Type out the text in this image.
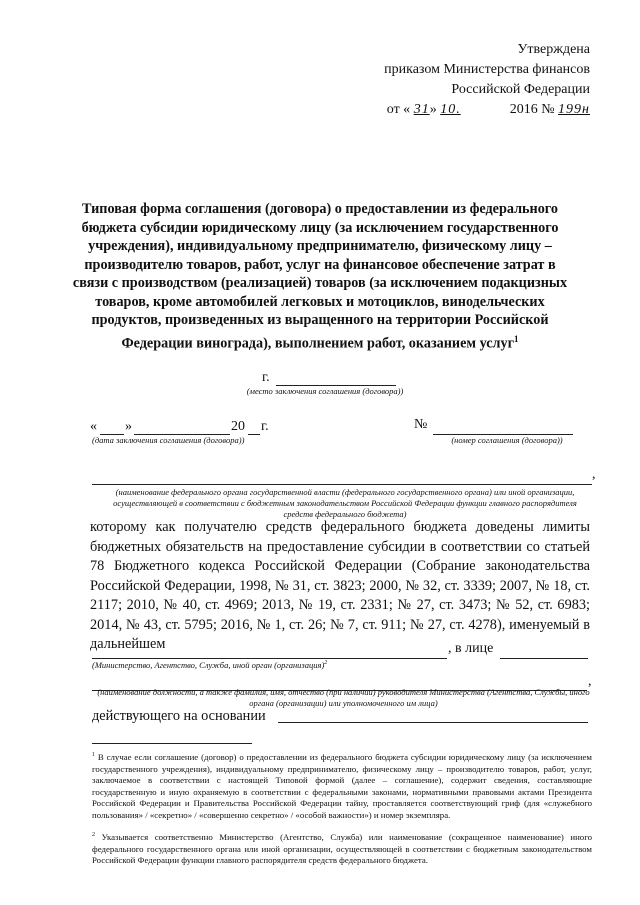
Утверждена
приказом Министерства финансов
Российской Федерации
от « 31» 10.	2016 № 199н
Типовая форма соглашения (договора) о предоставлении из федерального бюджета субсидии юридическому лицу (за исключением государственного учреждения), индивидуальному предпринимателю, физическому лицу – производителю товаров, работ, услуг на финансовое обеспечение затрат в связи с производством (реализацией) товаров (за исключением подакцизных товаров, кроме автомобилей легковых и мотоциклов, винодельческих продуктов, произведенных из выращенного на территории Российской Федерации винограда), выполнением работ, оказанием услуг$^1$
г.
(место заключения соглашения (договора))
« »	20 г.
(дата заключения соглашения (договора))
№
(номер соглашения (договора))
,
(наименование федерального органа государственной власти (федерального государственного органа) или иной организации, осуществляющей в соответствии с бюджетным законодательством Российской Федерации функции главного распорядителя средств федерального бюджета)
которому как получателю средств федерального бюджета доведены лимиты бюджетных обязательств на предоставление субсидии в соответствии со статьей 78 Бюджетного кодекса Российской Федерации (Собрание законодательства Российской Федерации, 1998, № 31, ст. 3823; 2000, № 32, ст. 3339; 2007, № 18, ст. 2117; 2010, № 40, ст. 4969; 2013, № 19, ст. 2331; № 27, ст. 3473; № 52, ст. 6983; 2014, № 43, ст. 5795; 2016, № 1, ст. 26; № 7, ст. 911; № 27, ст. 4278), именуемый в дальнейшем	, в лице
(Министерство, Агентство, Служба, иной орган (организация)$^2$
,
(наименование должности, а также фамилия, имя, отчество (при наличии) руководителя Министерства (Агентства, Службы, иного органа (организации) или уполномоченного им лица)
действующего на основании
$^1$ В случае если соглашение (договор) о предоставлении из федерального бюджета субсидии юридическому лицу (за исключением государственного учреждения), индивидуальному предпринимателю, физическому лицу – производителю товаров, работ, услуг, заключаемое в соответствии с настоящей Типовой формой (далее – соглашение), содержит сведения, составляющие государственную и иную охраняемую в соответствии с федеральными законами, нормативными правовыми актами Президента Российской Федерации и Правительства Российской Федерации тайну, проставляется соответствующий гриф (для «служебного пользования» / «секретно» / «совершенно секретно» / «особой важности») и номер экземпляра.
$^2$ Указывается соответственно Министерство (Агентство, Служба) или наименование (сокращенное наименование) иного федерального государственного органа или иной организации, осуществляющей в соответствии с бюджетным законодательством Российской Федерации функции главного распорядителя средств федерального бюджета.
